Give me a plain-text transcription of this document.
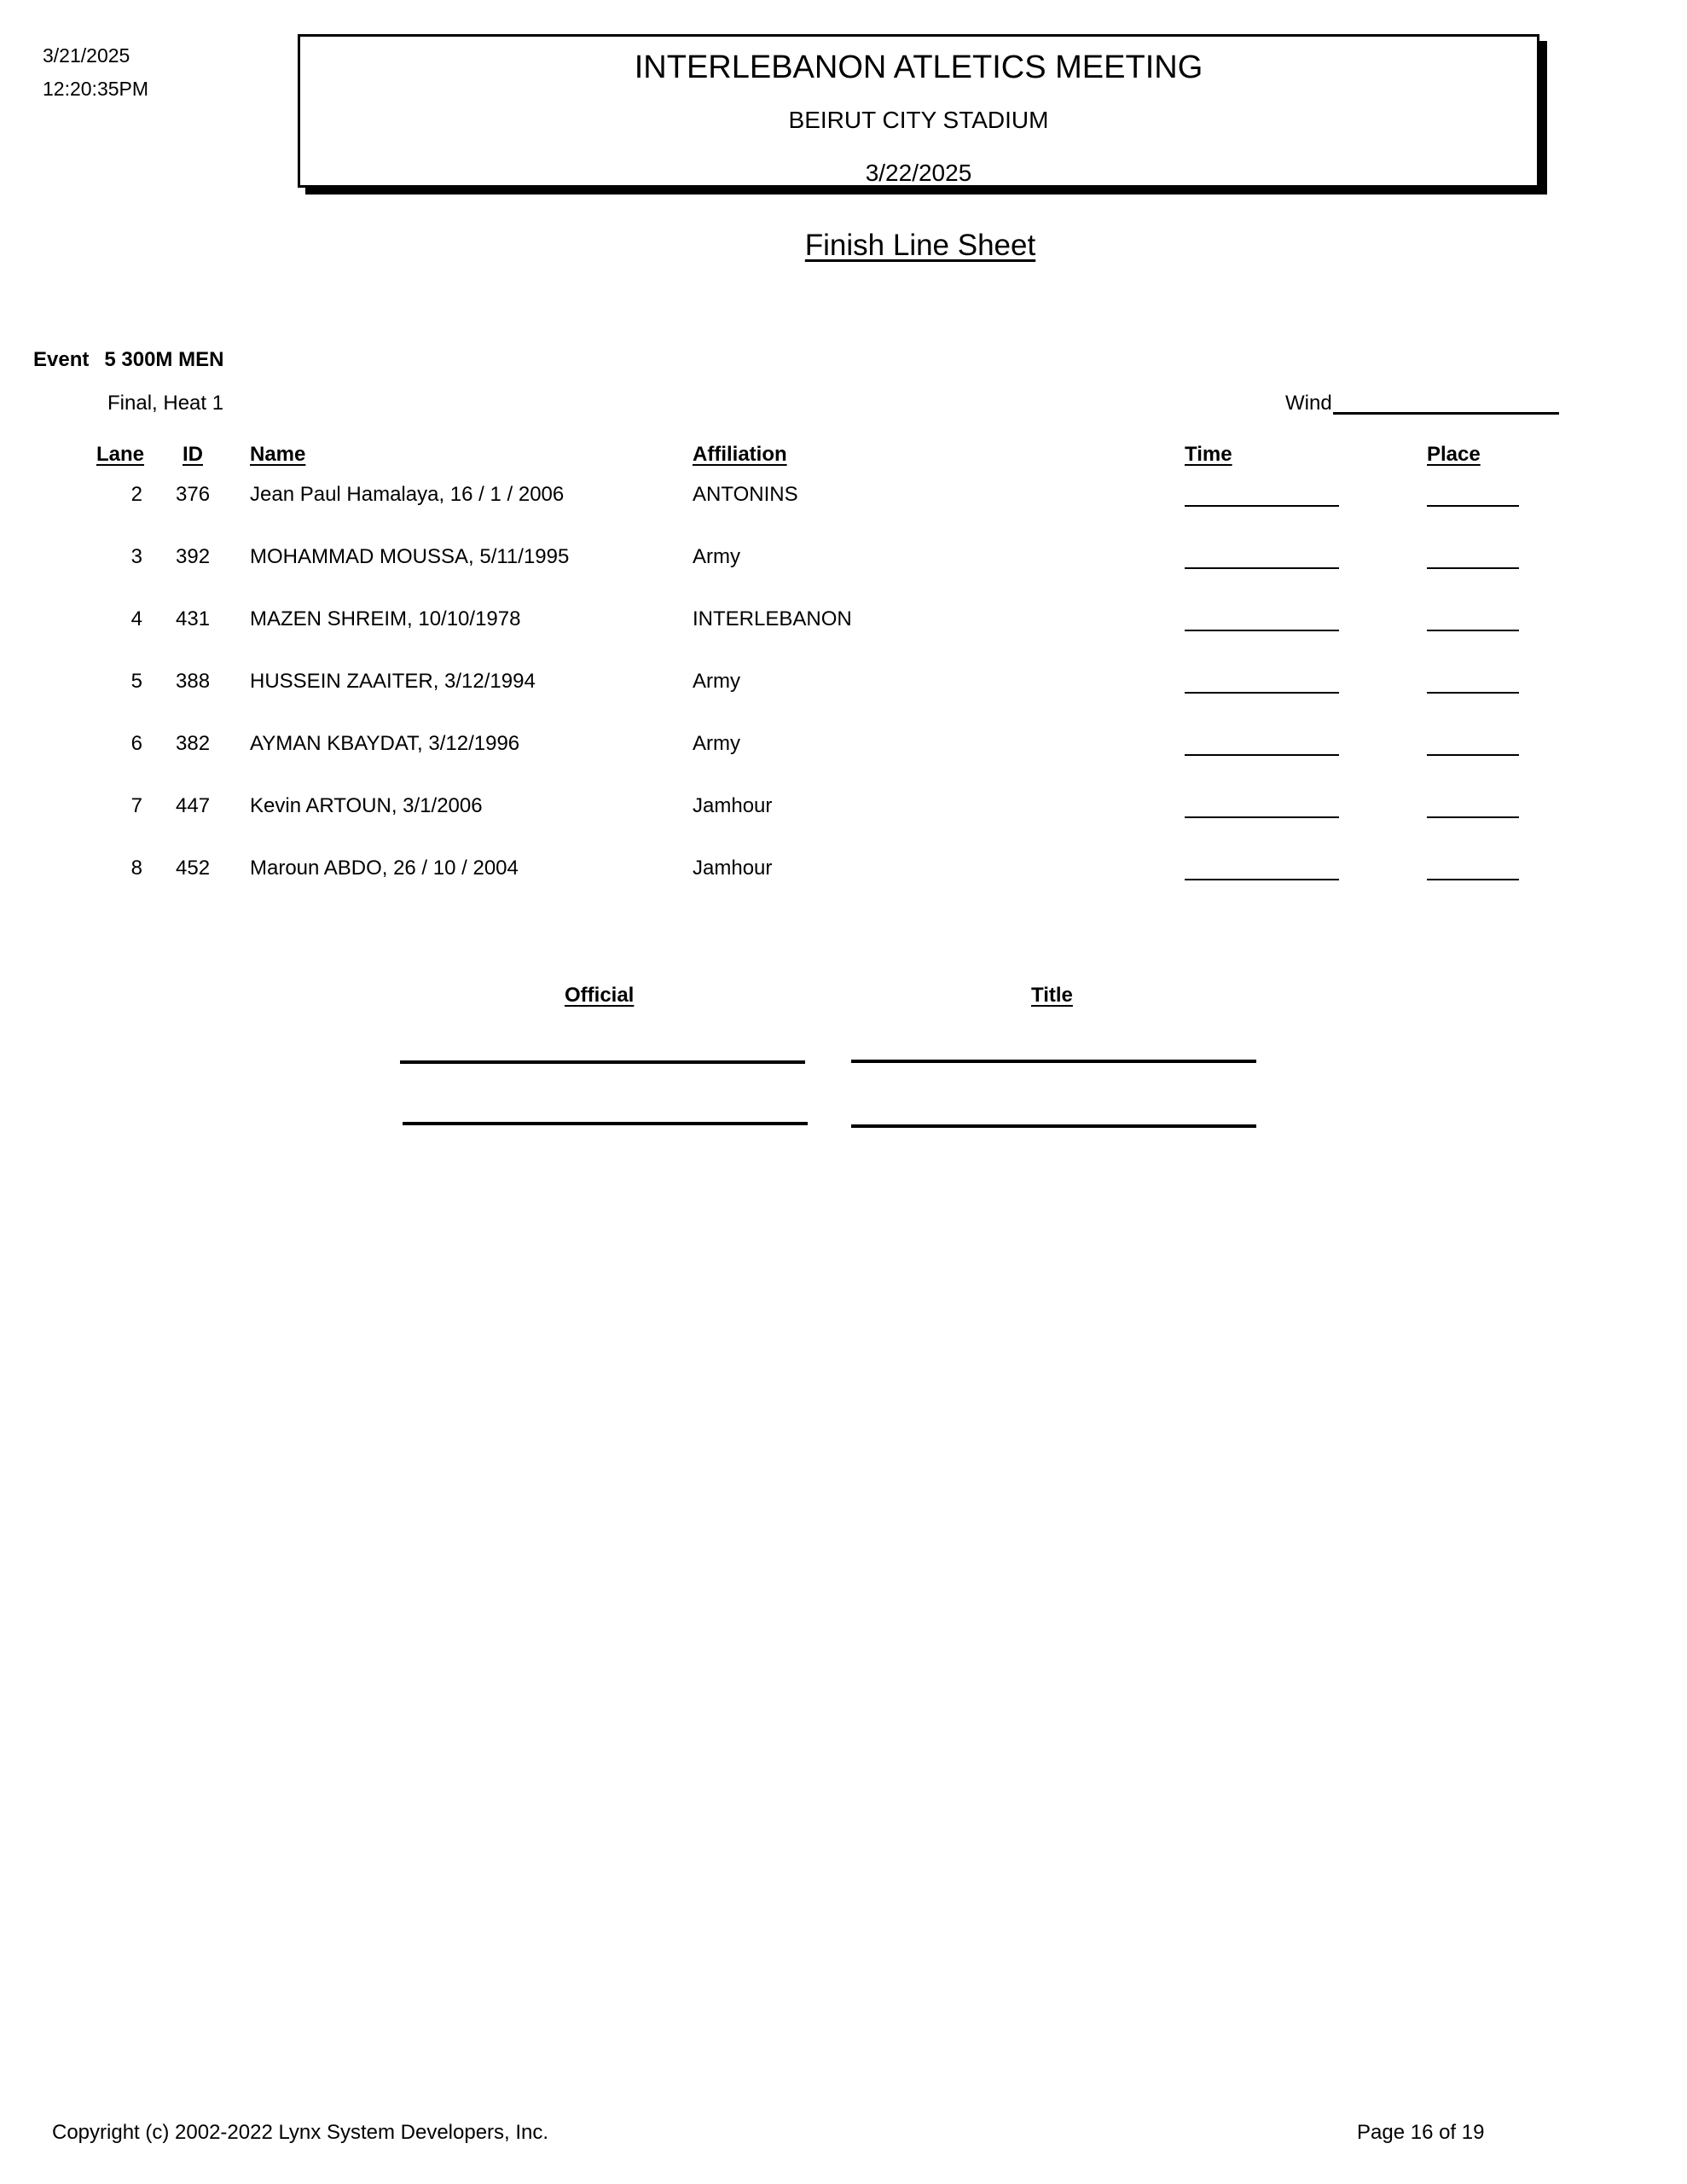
3/21/2025
12:20:35PM
INTERLEBANON ATLETICS MEETING
BEIRUT CITY STADIUM
3/22/2025
Finish Line Sheet
Event 5 300M MEN
Final, Heat 1	Wind
Lane ID Name	Affiliation	Time	Place
2 376 Jean Paul Hamalaya, 16 / 1 / 2006	ANTONINS
3 392 MOHAMMAD MOUSSA, 5/11/1995	Army
4 431 MAZEN SHREIM, 10/10/1978	INTERLEBANON
5 388 HUSSEIN ZAAITER, 3/12/1994	Army
6 382 AYMAN KBAYDAT, 3/12/1996	Army
7 447 Kevin ARTOUN, 3/1/2006	Jamhour
8 452 Maroun ABDO, 26 / 10 / 2004	Jamhour
Official	Title
Copyright (c) 2002-2022 Lynx System Developers, Inc.	Page 16 of 19
